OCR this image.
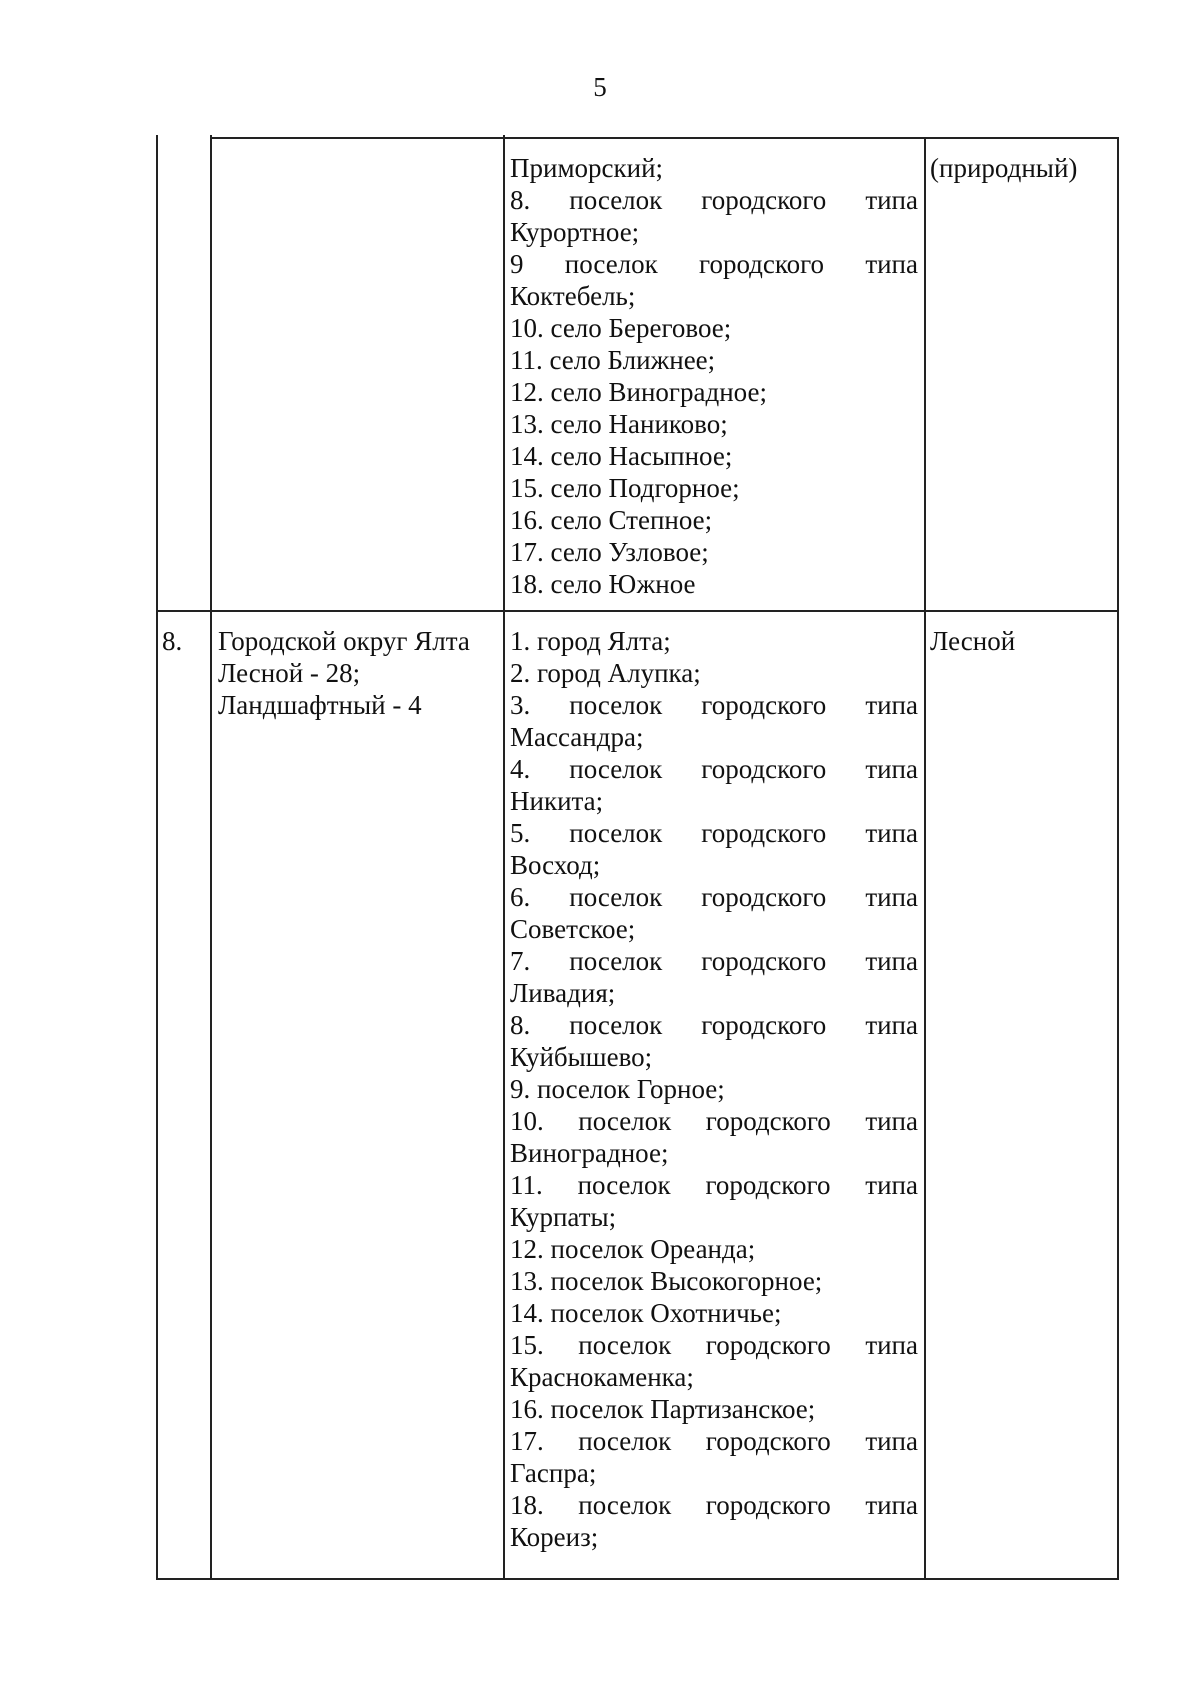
5
Приморский;
8. поселок городского типа
Курортное;
9 поселок городского типа
Коктебель;
10. село Береговое;
11. село Ближнее;
12. село Виноградное;
13. село Наниково;
14. село Насыпное;
15. село Подгорное;
16. село Степное;
17. село Узловое;
18. село Южное
(природный)
8. Городской округ Ялта
Лесной - 28;
Ландшафтный - 4
1. город Ялта;
2. город Алупка;
3. поселок городского типа
Массандра;
4. поселок городского типа
Никита;
5. поселок городского типа
Восход;
6. поселок городского типа
Советское;
7. поселок городского типа
Ливадия;
8. поселок городского типа
Куйбышево;
9. поселок Горное;
10. поселок городского типа
Виноградное;
11. поселок городского типа
Курпаты;
12. поселок Ореанда;
13. поселок Высокогорное;
14. поселок Охотничье;
15. поселок городского типа
Краснокаменка;
16. поселок Партизанское;
17. поселок городского типа
Гаспра;
18. поселок городского типа
Кореиз;
Лесной
